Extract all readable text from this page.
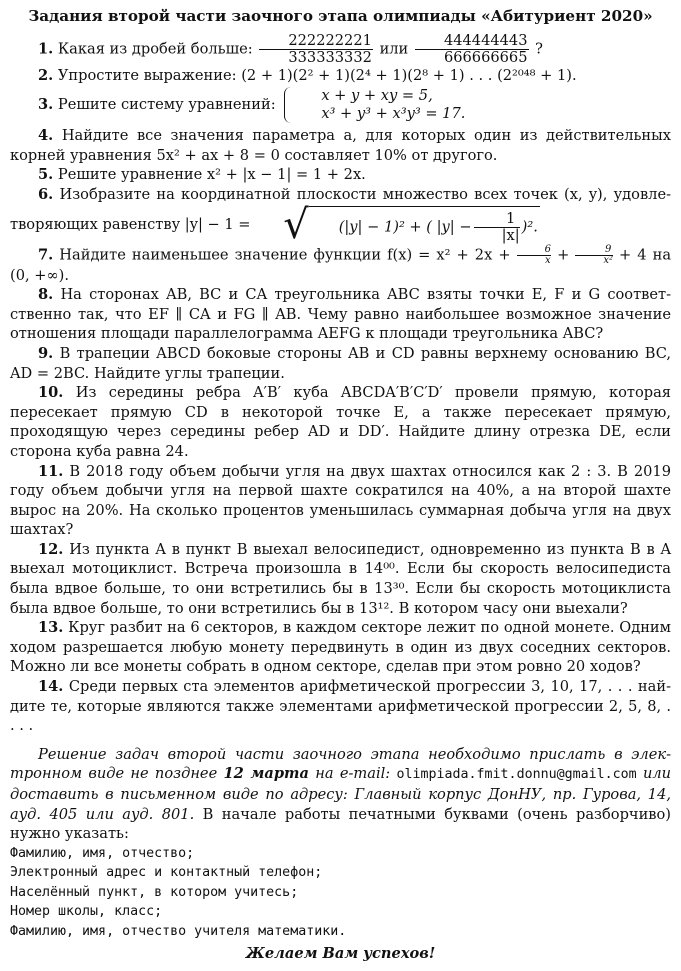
Задания второй части заочного этапа олимпиады «Абитуриент 2020»

1. Какая из дробей больше: $\frac{222222221}{333333332}$ или $\frac{444444443}{666666665}$ ?

2. Упростите выражение: (2 + 1)(2² + 1)(2⁴ + 1)(2⁸ + 1) . . . (2²⁰⁴⁸ + 1).

3. Решите систему уравнений:
x + y + xy = 5,
x³ + y³ + x³y³ = 17.

4. Найдите все значения параметра a, для которых один из действительных корней уравнения 5x² + ax + 8 = 0 составляет 10% от другого.

5. Решите уравнение x² + |x − 1| = 1 + 2x.

6. Изобразите на координатной плоскости множество всех точек (x, y), удовле-творяющих равенству |y| − 1 = √ (|y| − 1)² + ( $|y| - \frac{1}{|x|} )^2$.

7. Найдите наименьшее значение функции $f(x) = x^2 + 2x + \frac{6}{x} + \frac{9}{\text{x²}} + 4$ на (0, +∞).

8. На сторонах AB, BC и CA треугольника ABC взяты точки E, F и G соответ-ственно так, что EF ∥ CA и FG ∥ AB. Чему равно наибольшее возможное значение отношения площади параллелограмма AEFG к площади треугольника ABC?

9. В трапеции ABCD боковые стороны AB и CD равны верхнему основанию BC, AD = 2BC. Найдите углы трапеции.

10. Из середины ребра A′B′ куба ABCDA′B′C′D′ провели прямую, которая пересекает прямую CD в некоторой точке E, а также пересекает прямую, проходящую через середины ребер AD и DD′. Найдите длину отрезка DE, если сторона куба равна 24.

11. В 2018 году объем добычи угля на двух шахтах относился как 2 : 3. В 2019 году объем добычи угля на первой шахте сократился на 40%, а на второй шахте вырос на 20%. На сколько процентов уменьшилась суммарная добыча угля на двух шахтах?

12. Из пункта A в пункт B выехал велосипедист, одновременно из пункта B в A выехал мотоциклист. Встреча произошла в 14⁰⁰. Если бы скорость велосипедиста была вдвое больше, то они встретились бы в 13³⁰. Если бы скорость мотоциклиста была вдвое больше, то они встретились бы в 13¹². В котором часу они выехали?

13. Круг разбит на 6 секторов, в каждом секторе лежит по одной монете. Одним ходом разрешается любую монету передвинуть в один из двух соседних секторов. Можно ли все монеты собрать в одном секторе, сделав при этом ровно 20 ходов?

14. Среди первых ста элементов арифметической прогрессии 3, 10, 17, . . . най-дите те, которые являются также элементами арифметической прогрессии 2, 5, 8, . . . .

Решение задач второй части заочного этапа необходимо прислать в элек-тронном виде не позднее 12 марта на e-mail: olimpiada.fmit.donnu@gmail.com или доставить в письменном виде по адресу: Главный корпус ДонНУ, пр. Гурова, 14, ауд. 405 или ауд. 801. В начале работы печатными буквами (очень разборчиво) нужно указать:

Фамилию, имя, отчество;

Электронный адрес и контактный телефон;

Населённый пункт, в котором учитесь;

Номер школы, класс;

Фамилию, имя, отчество учителя математики.

Желаем Вам успехов!
